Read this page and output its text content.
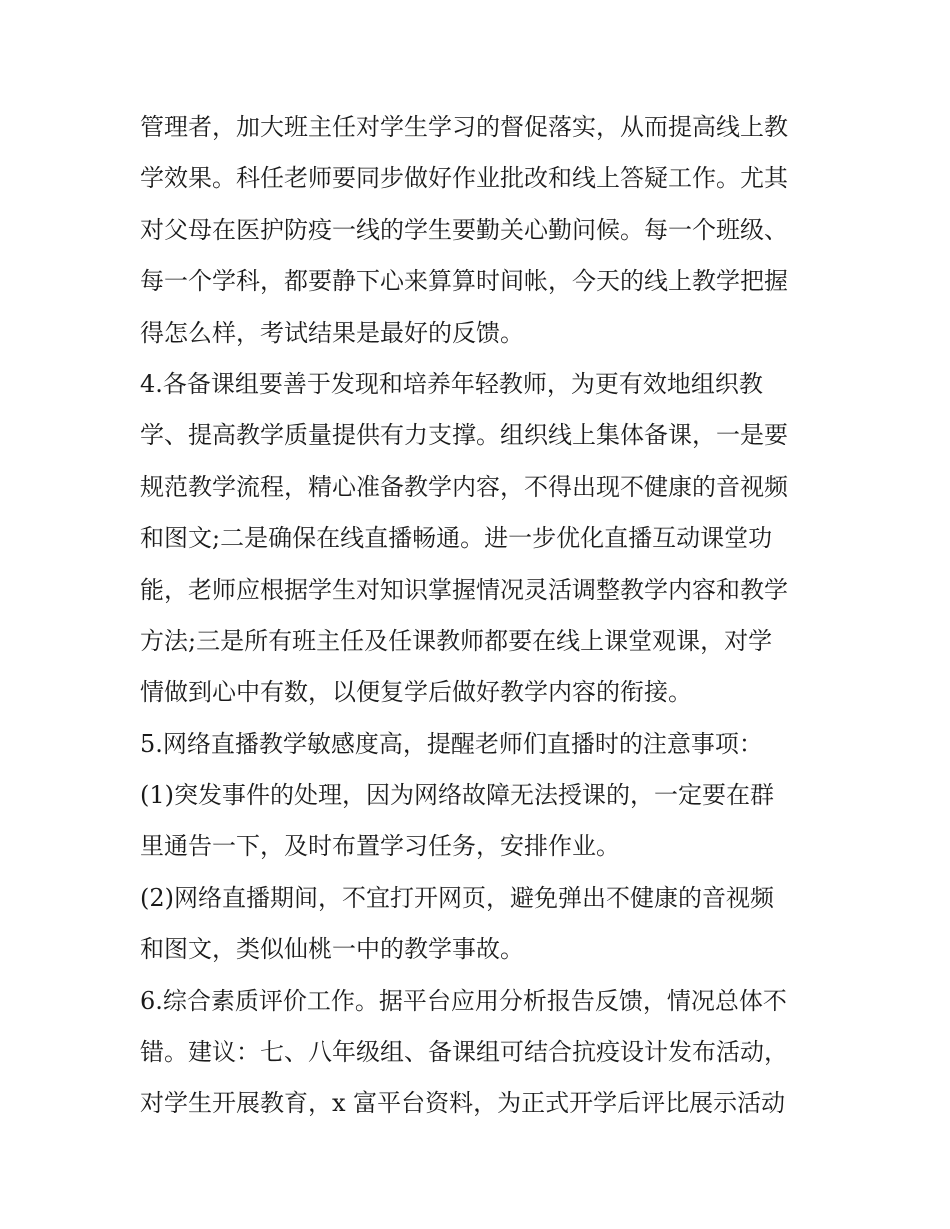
管理者，加大班主任对学生学习的督促落实，从而提高线上教
学效果。科任老师要同步做好作业批改和线上答疑工作。尤其
对父母在医护防疫一线的学生要勤关心勤问候。每一个班级、
每一个学科，都要静下心来算算时间帐，今天的线上教学把握
得怎么样，考试结果是最好的反馈。
4.各备课组要善于发现和培养年轻教师，为更有效地组织教
学、提高教学质量提供有力支撑。组织线上集体备课，一是要
规范教学流程，精心准备教学内容，不得出现不健康的音视频
和图文;二是确保在线直播畅通。进一步优化直播互动课堂功
能，老师应根据学生对知识掌握情况灵活调整教学内容和教学
方法;三是所有班主任及任课教师都要在线上课堂观课，对学
情做到心中有数，以便复学后做好教学内容的衔接。
5.网络直播教学敏感度高，提醒老师们直播时的注意事项：
(1)突发事件的处理，因为网络故障无法授课的，一定要在群
里通告一下，及时布置学习任务，安排作业。
(2)网络直播期间，不宜打开网页，避免弹出不健康的音视频
和图文，类似仙桃一中的教学事故。
6.综合素质评价工作。据平台应用分析报告反馈，情况总体不
错。建议：七、八年级组、备课组可结合抗疫设计发布活动，
对学生开展教育，x 富平台资料，为正式开学后评比展示活动
